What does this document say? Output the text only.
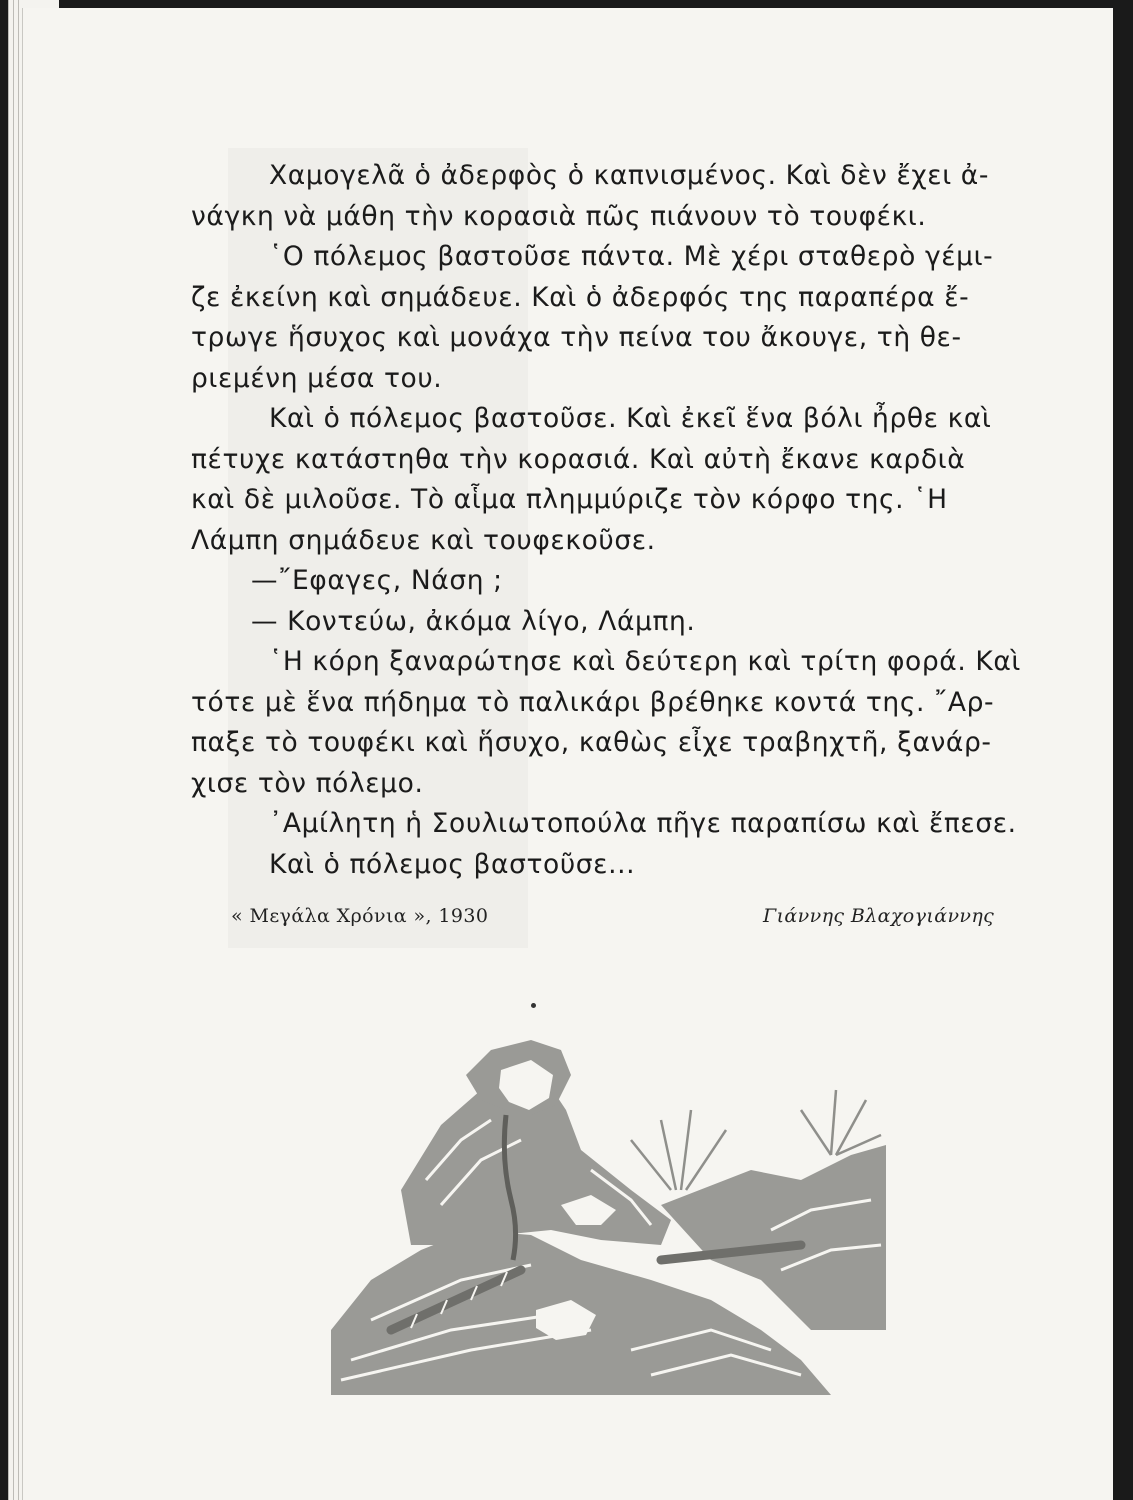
Χαμογελᾶ ὁ ἀδερφὸς ὁ καπνισμένος. Καὶ δὲν ἔχει ἀ-
νάγκη νὰ μάθη τὴν κορασιὰ πῶς πιάνουν τὸ τουφέκι.
῾Ο πόλεμος βαστοῦσε πάντα. Μὲ χέρι σταθερὸ γέμι-
ζε ἐκείνη καὶ σημάδευε. Καὶ ὁ ἀδερφός της παραπέρα ἔ-
τρωγε ἥσυχος καὶ μονάχα τὴν πείνα του ἄκουγε, τὴ θε-
ριεμένη μέσα του.
Καὶ ὁ πόλεμος βαστοῦσε. Καὶ ἐκεῖ ἕνα βόλι ἦρθε καὶ
πέτυχε κατάστηθα τὴν κορασιά. Καὶ αὐτὴ ἔκανε καρδιὰ
καὶ δὲ μιλοῦσε. Τὸ αἷμα πλημμύριζε τὸν κόρφο της. ῾Η
Λάμπη σημάδευε καὶ τουφεκοῦσε.
—῎Εφαγες, Νάση ;
— Κοντεύω, ἀκόμα λίγο, Λάμπη.
῾Η κόρη ξαναρώτησε καὶ δεύτερη καὶ τρίτη φορά. Καὶ
τότε μὲ ἕνα πήδημα τὸ παλικάρι βρέθηκε κοντά της. ῎Αρ-
παξε τὸ τουφέκι καὶ ἥσυχο, καθὼς εἶχε τραβηχτῆ, ξανάρ-
χισε τὸν πόλεμο.
᾿Αμίλητη ἡ Σουλιωτοπούλα πῆγε παραπίσω καὶ ἔπεσε.
Καὶ ὁ πόλεμος βαστοῦσε...
« Μεγάλα Χρόνια », 1930	Γιάννης Βλαχογιάννης
